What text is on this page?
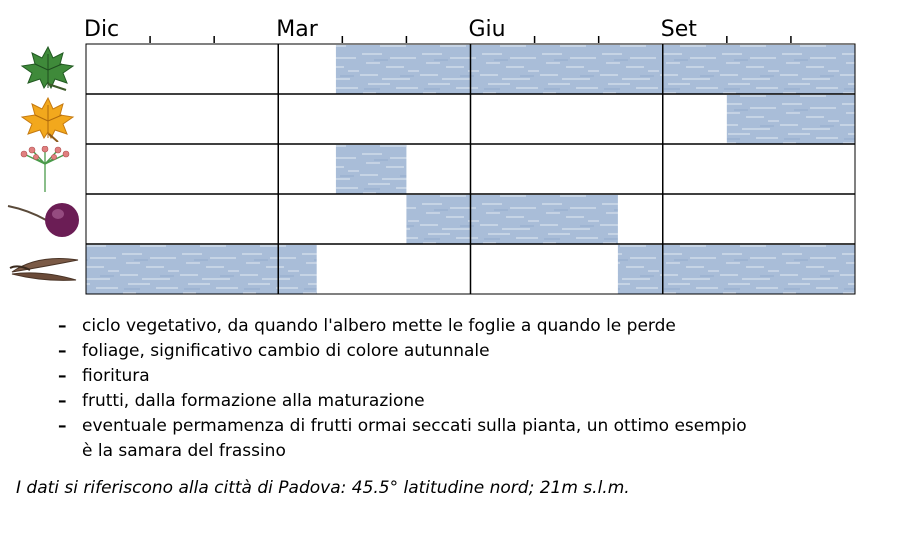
Dic	Mar	Giu	Set
– ciclo vegetativo, da quando l'albero mette le foglie a quando le perde
– foliage, significativo cambio di colore autunnale
– fioritura
– frutti, dalla formazione alla maturazione
– eventuale permamenza di frutti ormai seccati sulla pianta, un ottimo esempio
è la samara del frassino
I dati si riferiscono alla città di Padova: 45.5° latitudine nord; 21m s.l.m.
